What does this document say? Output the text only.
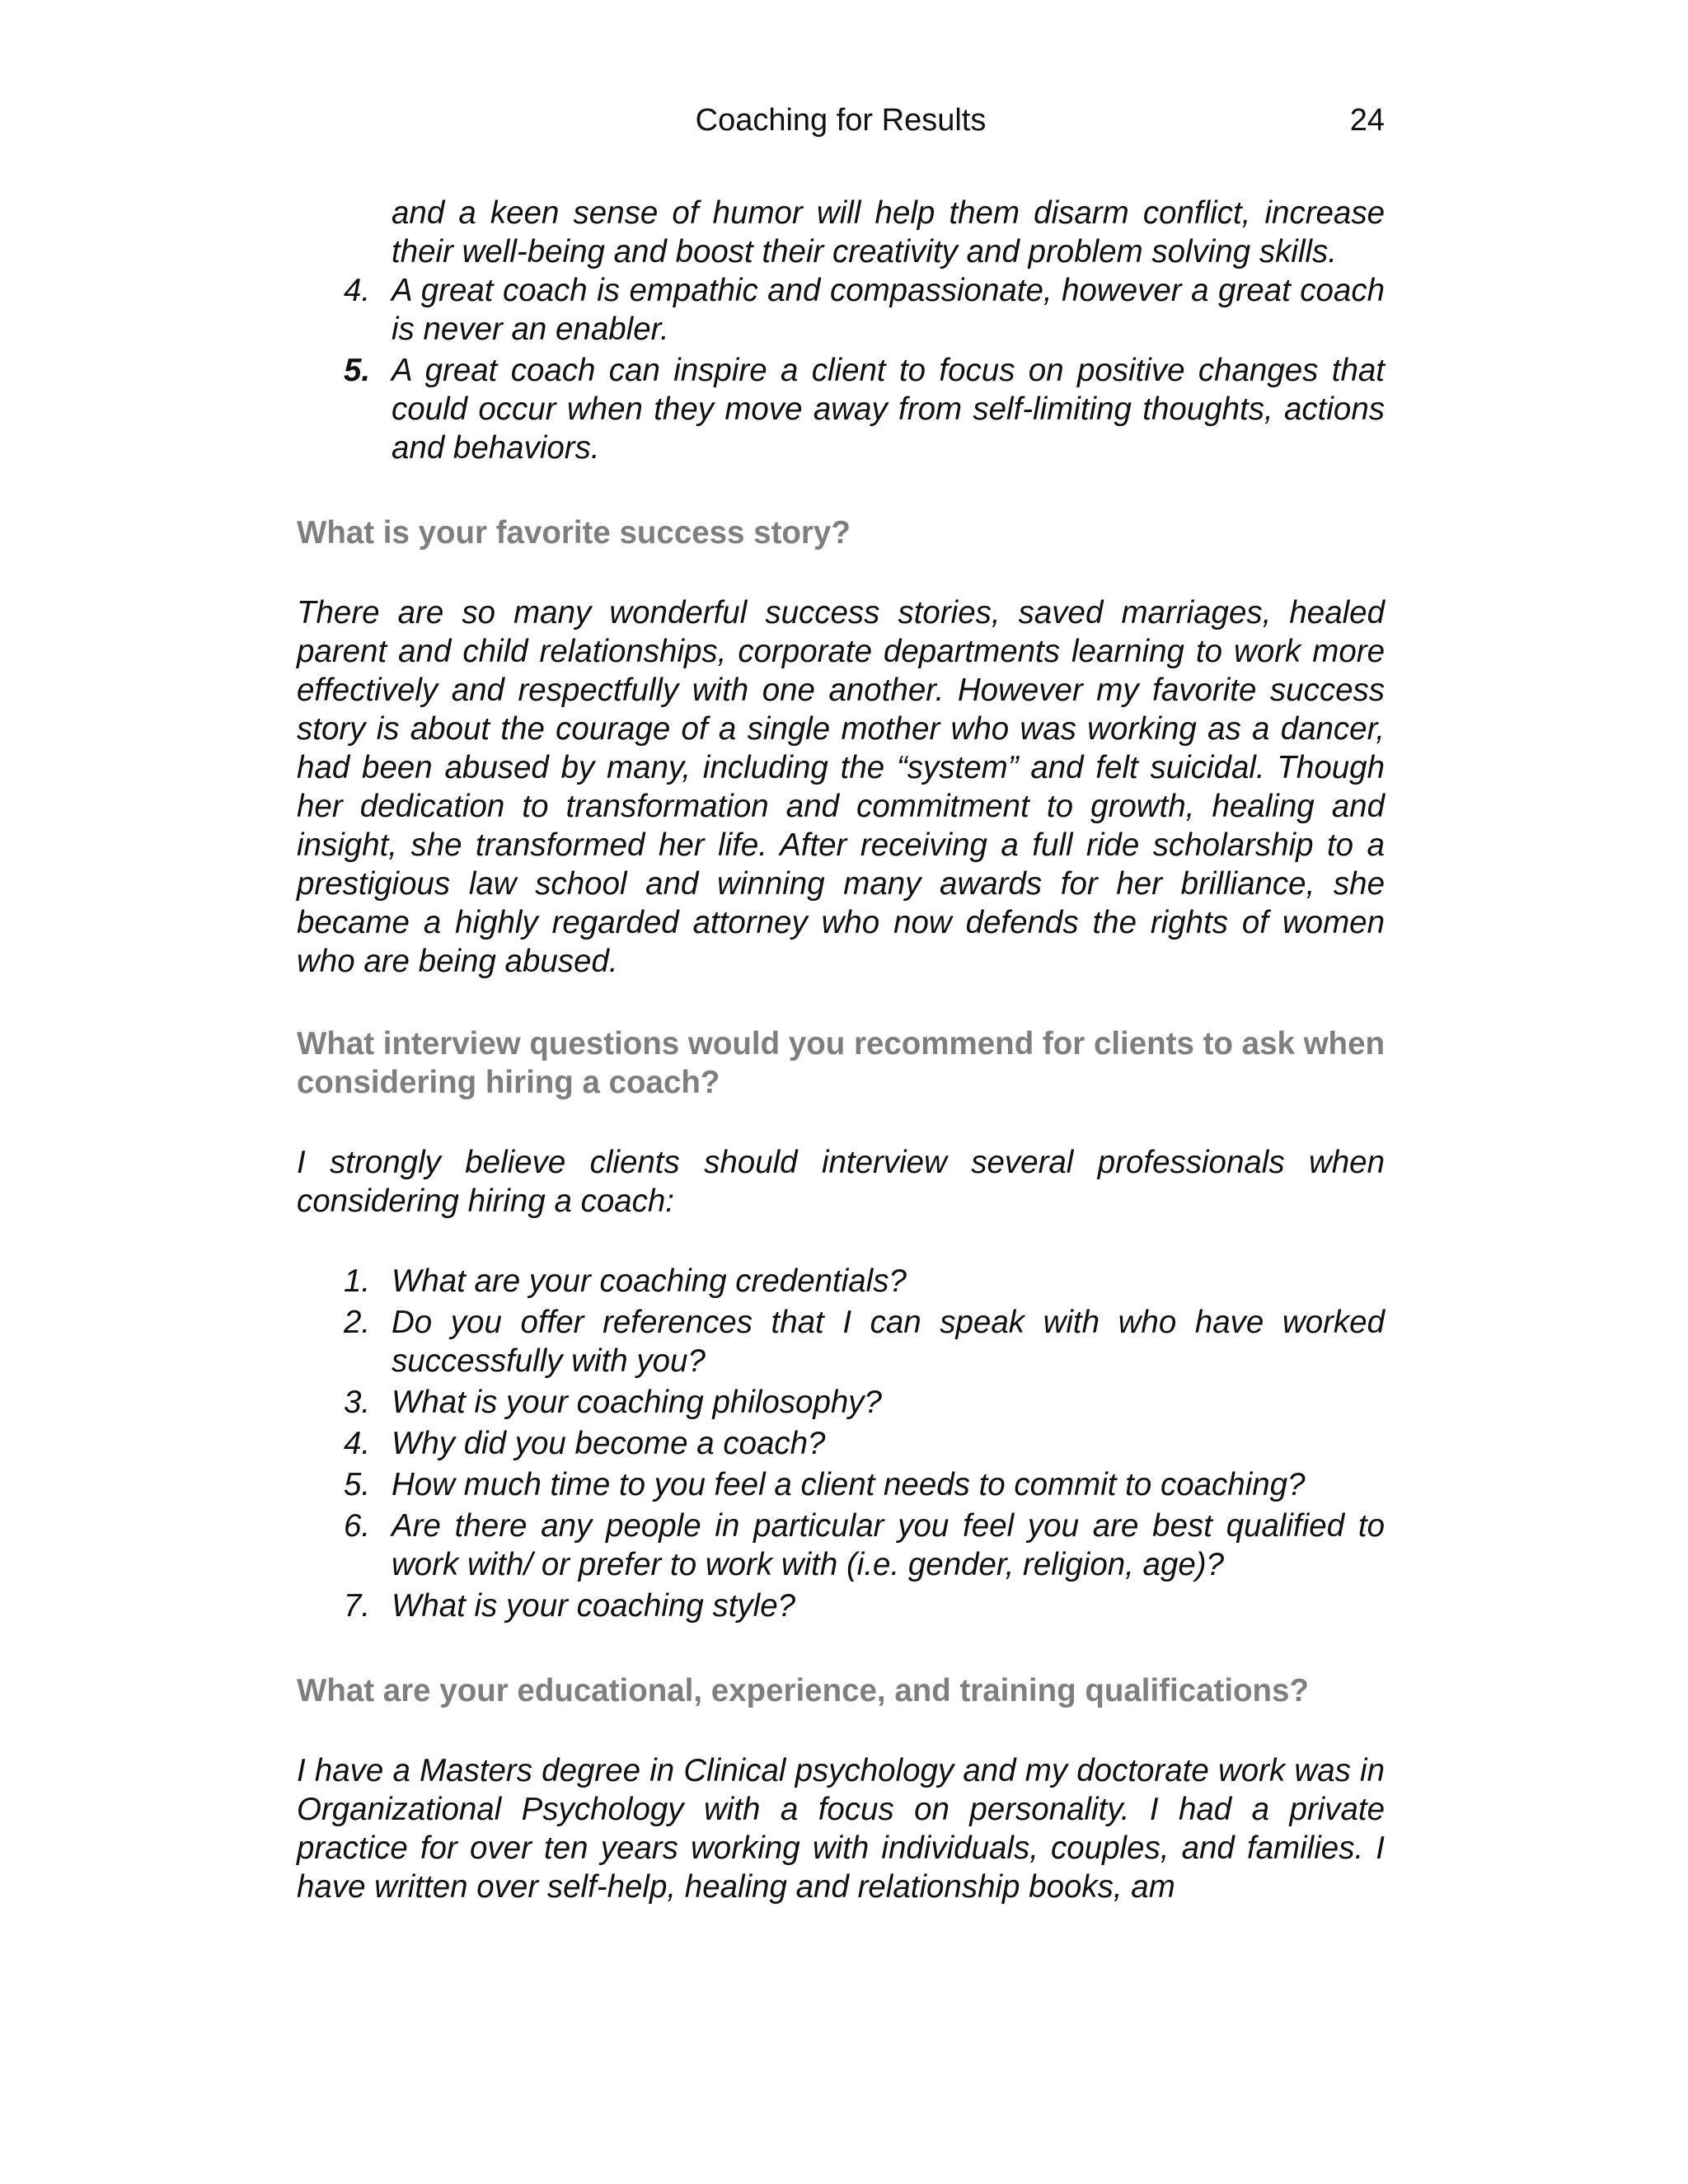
Coaching for Results	24

and a keen sense of humor will help them disarm conflict, increase their well-being and boost their creativity and problem solving skills.

4. A great coach is empathic and compassionate, however a great coach is never an enabler.
5. A great coach can inspire a client to focus on positive changes that could occur when they move away from self-limiting thoughts, actions and behaviors.

What is your favorite success story?

There are so many wonderful success stories, saved marriages, healed parent and child relationships, corporate departments learning to work more effectively and respectfully with one another. However my favorite success story is about the courage of a single mother who was working as a dancer, had been abused by many, including the “system” and felt suicidal. Though her dedication to transformation and commitment to growth, healing and insight, she transformed her life. After receiving a full ride scholarship to a prestigious law school and winning many awards for her brilliance, she became a highly regarded attorney who now defends the rights of women who are being abused.

What interview questions would you recommend for clients to ask when considering hiring a coach?

I strongly believe clients should interview several professionals when considering hiring a coach:

1. What are your coaching credentials?
2. Do you offer references that I can speak with who have worked successfully with you?
3. What is your coaching philosophy?
4. Why did you become a coach?
5. How much time to you feel a client needs to commit to coaching?
6. Are there any people in particular you feel you are best qualified to work with/ or prefer to work with (i.e. gender, religion, age)?
7. What is your coaching style?

What are your educational, experience, and training qualifications?

I have a Masters degree in Clinical psychology and my doctorate work was in Organizational Psychology with a focus on personality. I had a private practice for over ten years working with individuals, couples, and families. I have written over self-help, healing and relationship books, am
